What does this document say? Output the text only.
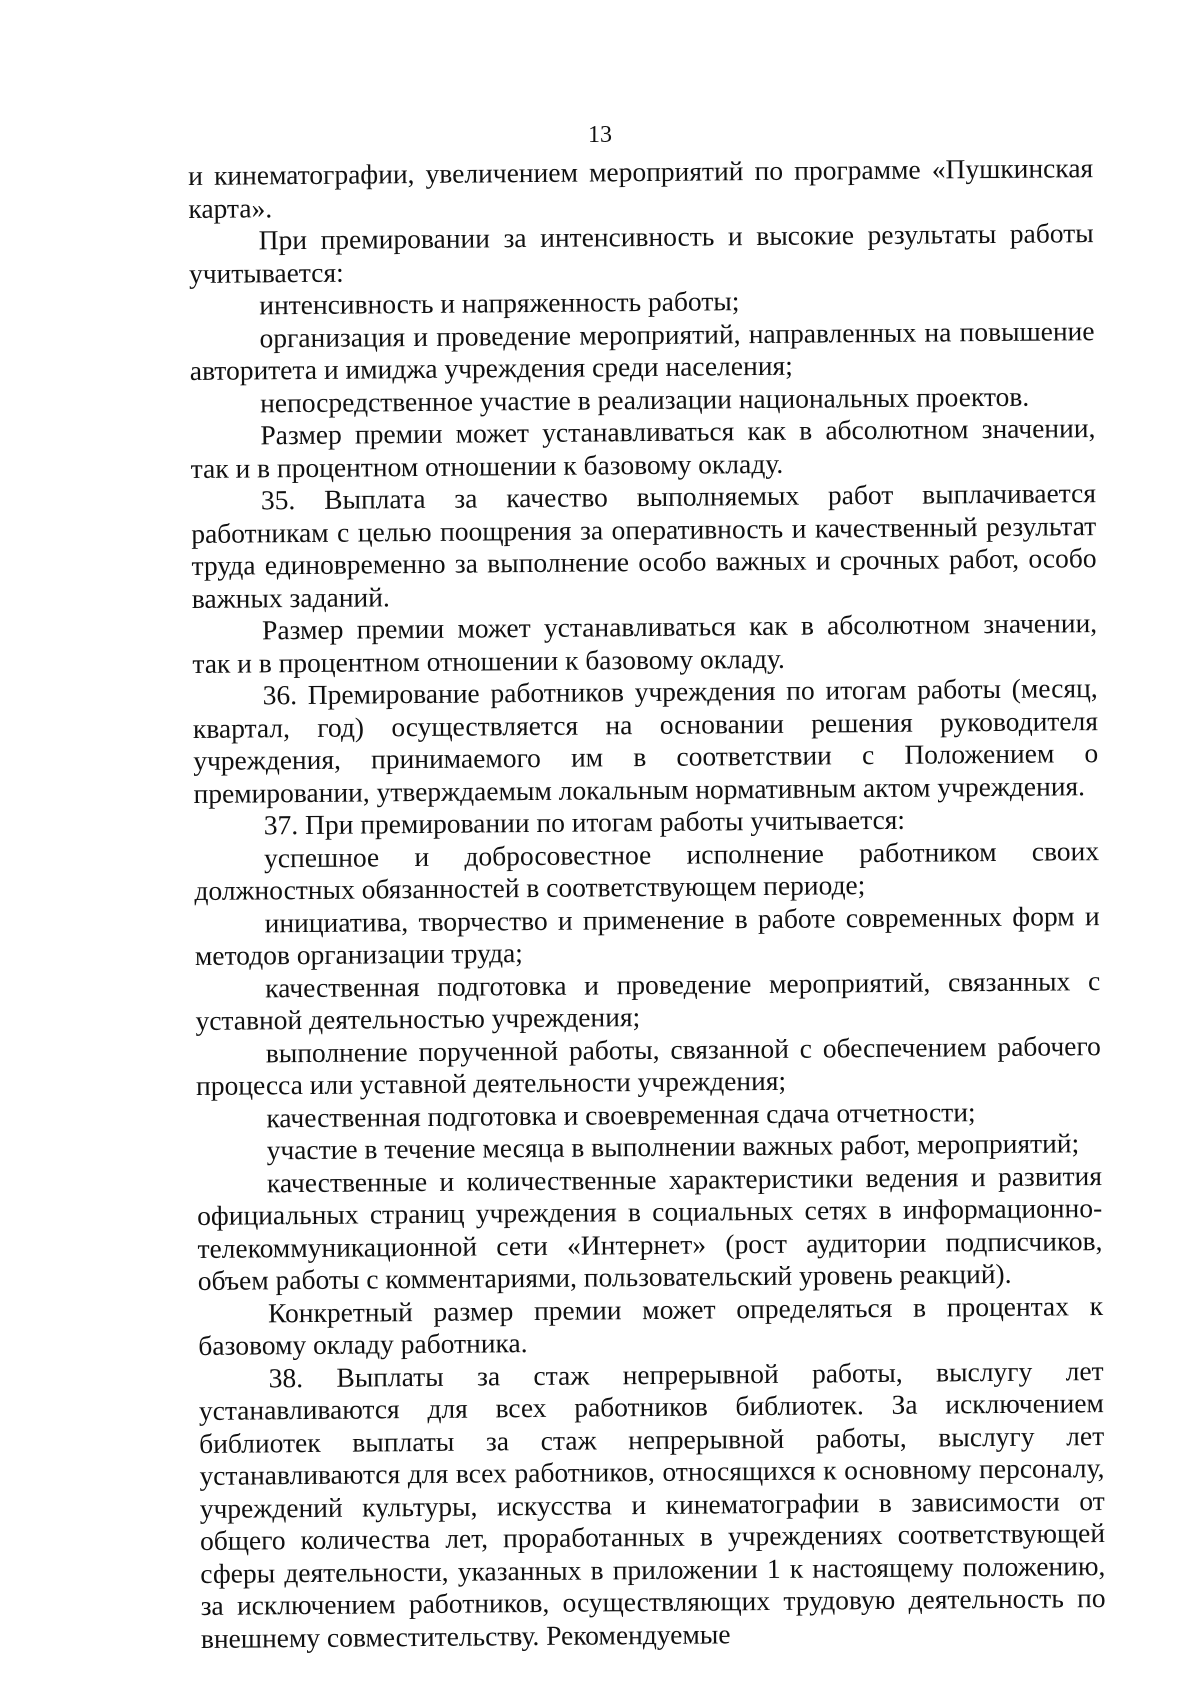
13

и кинематографии, увеличением мероприятий по программе «Пушкинская карта».

При премировании за интенсивность и высокие результаты работы учитывается:

интенсивность и напряженность работы;

организация и проведение мероприятий, направленных на повышение авторитета и имиджа учреждения среди населения;

непосредственное участие в реализации национальных проектов.

Размер премии может устанавливаться как в абсолютном значении, так и в процентном отношении к базовому окладу.

35. Выплата за качество выполняемых работ выплачивается работникам с целью поощрения за оперативность и качественный результат труда единовременно за выполнение особо важных и срочных работ, особо важных заданий.

Размер премии может устанавливаться как в абсолютном значении, так и в процентном отношении к базовому окладу.

36. Премирование работников учреждения по итогам работы (месяц, квартал, год) осуществляется на основании решения руководителя учреждения, принимаемого им в соответствии с Положением о премировании, утверждаемым локальным нормативным актом учреждения.

37. При премировании по итогам работы учитывается:

успешное и добросовестное исполнение работником своих должностных обязанностей в соответствующем периоде;

инициатива, творчество и применение в работе современных форм и методов организации труда;

качественная подготовка и проведение мероприятий, связанных с уставной деятельностью учреждения;

выполнение порученной работы, связанной с обеспечением рабочего процесса или уставной деятельности учреждения;

качественная подготовка и своевременная сдача отчетности;

участие в течение месяца в выполнении важных работ, мероприятий;

качественные и количественные характеристики ведения и развития официальных страниц учреждения в социальных сетях в информационно-телекоммуникационной сети «Интернет» (рост аудитории подписчиков, объем работы с комментариями, пользовательский уровень реакций).

Конкретный размер премии может определяться в процентах к базовому окладу работника.

38. Выплаты за стаж непрерывной работы, выслугу лет устанавливаются для всех работников библиотек. За исключением библиотек выплаты за стаж непрерывной работы, выслугу лет устанавливаются для всех работников, относящихся к основному персоналу, учреждений культуры, искусства и кинематографии в зависимости от общего количества лет, проработанных в учреждениях соответствующей сферы деятельности, указанных в приложении 1 к настоящему положению, за исключением работников, осуществляющих трудовую деятельность по внешнему совместительству. Рекомендуемые
